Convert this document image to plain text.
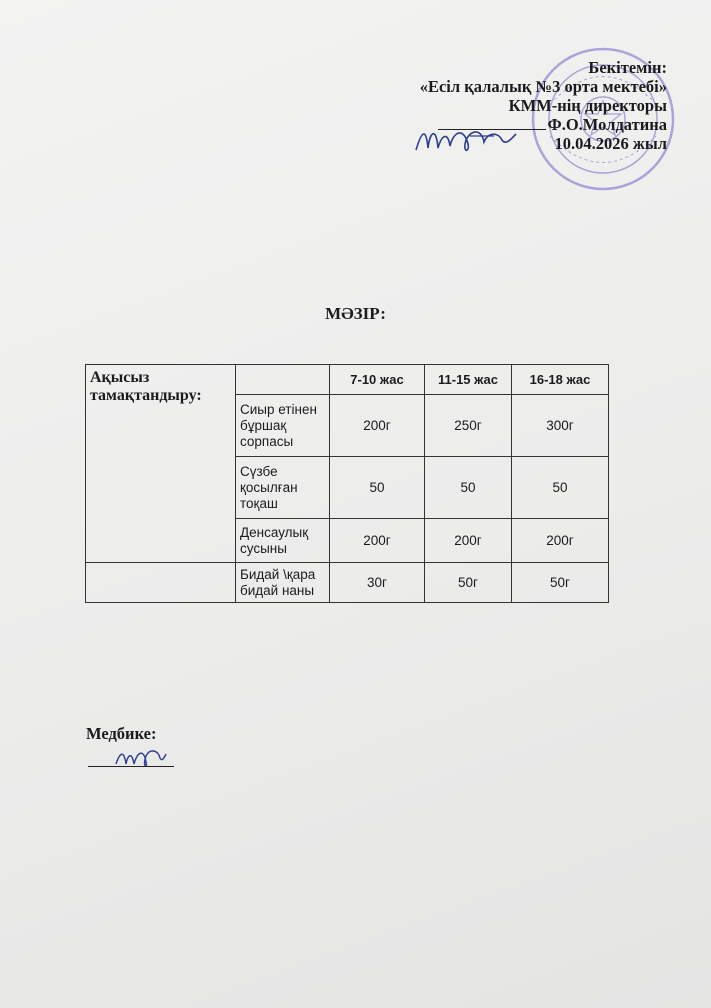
Бекітемін:
«Есіл қалалық №3 орта мектебі»
КММ-нің директоры
Ф.О.Молдатина
10.04.2026 жыл
МӘЗІР:
Ақысыз тамақтандыру:		7-10 жас	11-15 жас	16-18 жас
	Сиыр етінен бұршақ сорпасы	200г	250г	300г
	Сүзбе қосылған тоқаш	50	50	50
	Денсаулық сусыны	200г	200г	200г
	Бидай \қара бидай наны	30г	50г	50г
Медбике:
